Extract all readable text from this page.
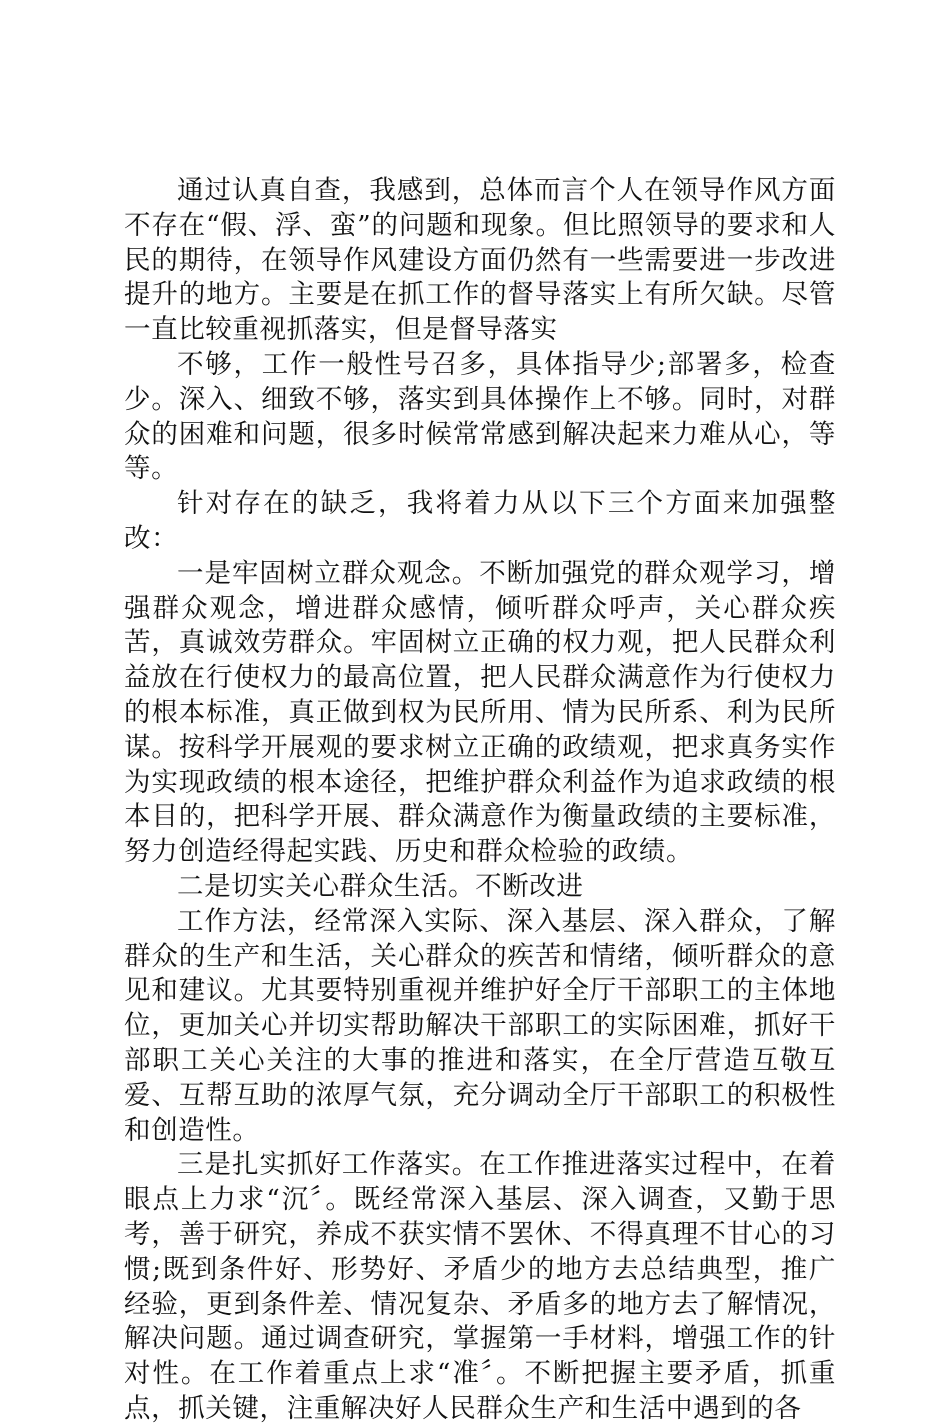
通过认真自查，我感到，总体而言个人在领导作风方面不存在“假、浮、蛮”的问题和现象。但比照领导的要求和人民的期待，在领导作风建设方面仍然有一些需要进一步改进提升的地方。主要是在抓工作的督导落实上有所欠缺。尽管一直比较重视抓落实，但是督导落实

不够，工作一般性号召多，具体指导少;部署多，检查少。深入、细致不够，落实到具体操作上不够。同时，对群众的困难和问题，很多时候常常感到解决起来力难从心，等等。

针对存在的缺乏，我将着力从以下三个方面来加强整改：

一是牢固树立群众观念。不断加强党的群众观学习，增强群众观念，增进群众感情，倾听群众呼声，关心群众疾苦，真诚效劳群众。牢固树立正确的权力观，把人民群众利益放在行使权力的最高位置，把人民群众满意作为行使权力的根本标准，真正做到权为民所用、情为民所系、利为民所谋。按科学开展观的要求树立正确的政绩观，把求真务实作为实现政绩的根本途径，把维护群众利益作为追求政绩的根本目的，把科学开展、群众满意作为衡量政绩的主要标准，努力创造经得起实践、历史和群众检验的政绩。

二是切实关心群众生活。不断改进

工作方法，经常深入实际、深入基层、深入群众，了解群众的生产和生活，关心群众的疾苦和情绪，倾听群众的意见和建议。尤其要特别重视并维护好全厅干部职工的主体地位，更加关心并切实帮助解决干部职工的实际困难，抓好干部职工关心关注的大事的推进和落实，在全厅营造互敬互爱、互帮互助的浓厚气氛，充分调动全厅干部职工的积极性和创造性。

三是扎实抓好工作落实。在工作推进落实过程中，在着眼点上力求“沉〞。既经常深入基层、深入调查，又勤于思考，善于研究，养成不获实情不罢休、不得真理不甘心的习惯;既到条件好、形势好、矛盾少的地方去总结典型，推广经验，更到条件差、情况复杂、矛盾多的地方去了解情况，解决问题。通过调查研究，掌握第一手材料，增强工作的针对性。在工作着重点上求“准〞。不断把握主要矛盾，抓重点，抓关键，注重解决好人民群众生产和生活中遇到的各
